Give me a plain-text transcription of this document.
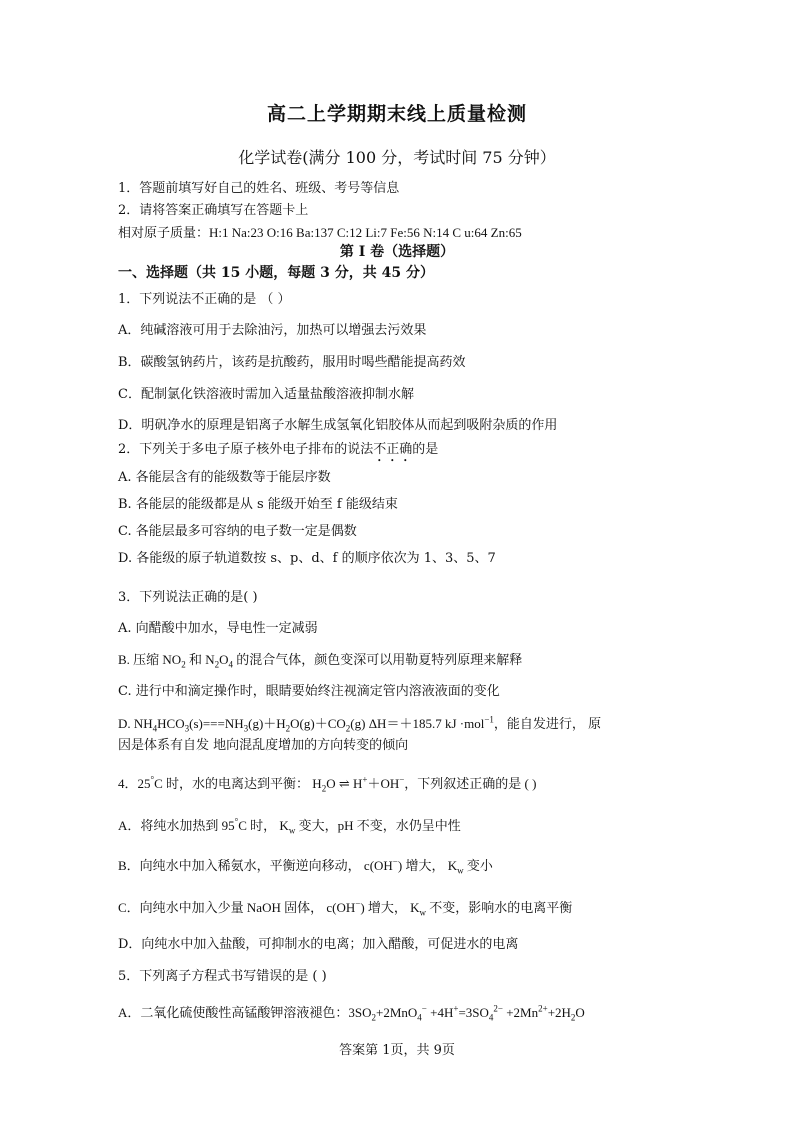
高二上学期期末线上质量检测
化学试卷(满分 100 分，考试时间 75 分钟）
1．答题前填写好自己的姓名、班级、考号等信息
2．请将答案正确填写在答题卡上
相对原子质量：H:1 Na:23 O:16 Ba:137 C:12 Li:7 Fe:56 N:14 C u:64 Zn:65
第 I 卷（选择题）
一、选择题（共 15 小题，每题 3 分，共 45 分）
1．下列说法不正确的是 （ ）
A．纯碱溶液可用于去除油污，加热可以增强去污效果
B．碳酸氢钠药片，该药是抗酸药，服用时喝些醋能提高药效
C．配制氯化铁溶液时需加入适量盐酸溶液抑制水解
D．明矾净水的原理是铝离子水解生成氢氧化铝胶体从而起到吸附杂质的作用
2．下列关于多电子原子核外电子排布的说法不正确的是
A. 各能层含有的能级数等于能层序数
B. 各能层的能级都是从 s 能级开始至 f 能级结束
C. 各能层最多可容纳的电子数一定是偶数
D. 各能级的原子轨道数按 s、p、d、f 的顺序依次为 1、3、5、7
3．下列说法正确的是( )
A. 向醋酸中加水，导电性一定减弱
B. 压缩 $NO_2$ 和 $N_2O_4$ 的混合气体，颜色变深可以用勒夏特列原理来解释
C. 进行中和滴定操作时，眼睛要始终注视滴定管内溶液液面的变化
D. $NH_4HCO_3(s)===NH_3(g)+H_2O(g)+CO_2(g)$ ΔH＝＋185.7 kJ ·mol$^{-1}$，能自发进行， 原
因是体系有自发 地向混乱度增加的方向转变的倾向
4．25°C 时，水的电离达到平衡： $H_2O$ ⇌ H+＋OH−，下列叙述正确的是 ( )
A．将纯水加热到 95°C 时， $K_w$ 变大，pH 不变，水仍呈中性
B．向纯水中加入稀氨水，平衡逆向移动， c(OH−) 增大， $K_w$ 变小
C．向纯水中加入少量 NaOH 固体， c(OH−) 增大， $K_w$ 不变，影响水的电离平衡
D．向纯水中加入盐酸，可抑制水的电离；加入醋酸，可促进水的电离
5．下列离子方程式书写错误的是 ( )
A．二氧化硫使酸性高锰酸钾溶液褪色：$3SO_2+2MnO_4^- +4H^+=3SO_4^{2-} +2Mn^{2+}+2H_2O$
答案第 1页，共 9页
